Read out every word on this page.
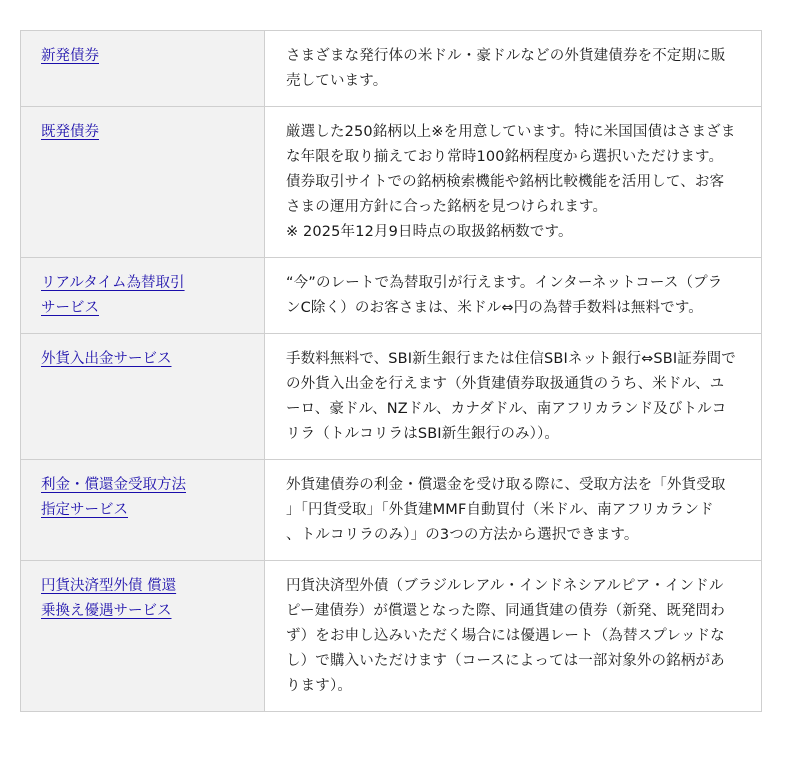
新発債券	さまざまな発行体の米ドル・豪ドルなどの外貨建債券を不定期に販
売しています。

既発債券	厳選した250銘柄以上※を用意しています。特に米国国債はさまざま
な年限を取り揃えており常時100銘柄程度から選択いただけます。
債券取引サイトでの銘柄検索機能や銘柄比較機能を活用して、お客
さまの運用方針に合った銘柄を見つけられます。
※ 2025年12月9日時点の取扱銘柄数です。

リアルタイム為替取引
サービス	“今”のレートで為替取引が行えます。インターネットコース（プラ
ンC除く）のお客さまは、米ドル⇔円の為替手数料は無料です。

外貨入出金サービス	手数料無料で、SBI新生銀行または住信SBIネット銀行⇔SBI証券間で
の外貨入出金を行えます（外貨建債券取扱通貨のうち、米ドル、ユ
ーロ、豪ドル、NZドル、カナダドル、南アフリカランド及びトルコ
リラ（トルコリラはSBI新生銀行のみ））。

利金・償還金受取方法
指定サービス	外貨建債券の利金・償還金を受け取る際に、受取方法を「外貨受取
」「円貨受取」「外貨建MMF自動買付（米ドル、南アフリカランド
、トルコリラのみ）」の3つの方法から選択できます。

円貨決済型外債 償還
乗換え優遇サービス	円貨決済型外債（ブラジルレアル・インドネシアルピア・インドル
ピー建債券）が償還となった際、同通貨建の債券（新発、既発問わ
ず）をお申し込みいただく場合には優遇レート（為替スプレッドな
し）で購入いただけます（コースによっては一部対象外の銘柄があ
ります）。
